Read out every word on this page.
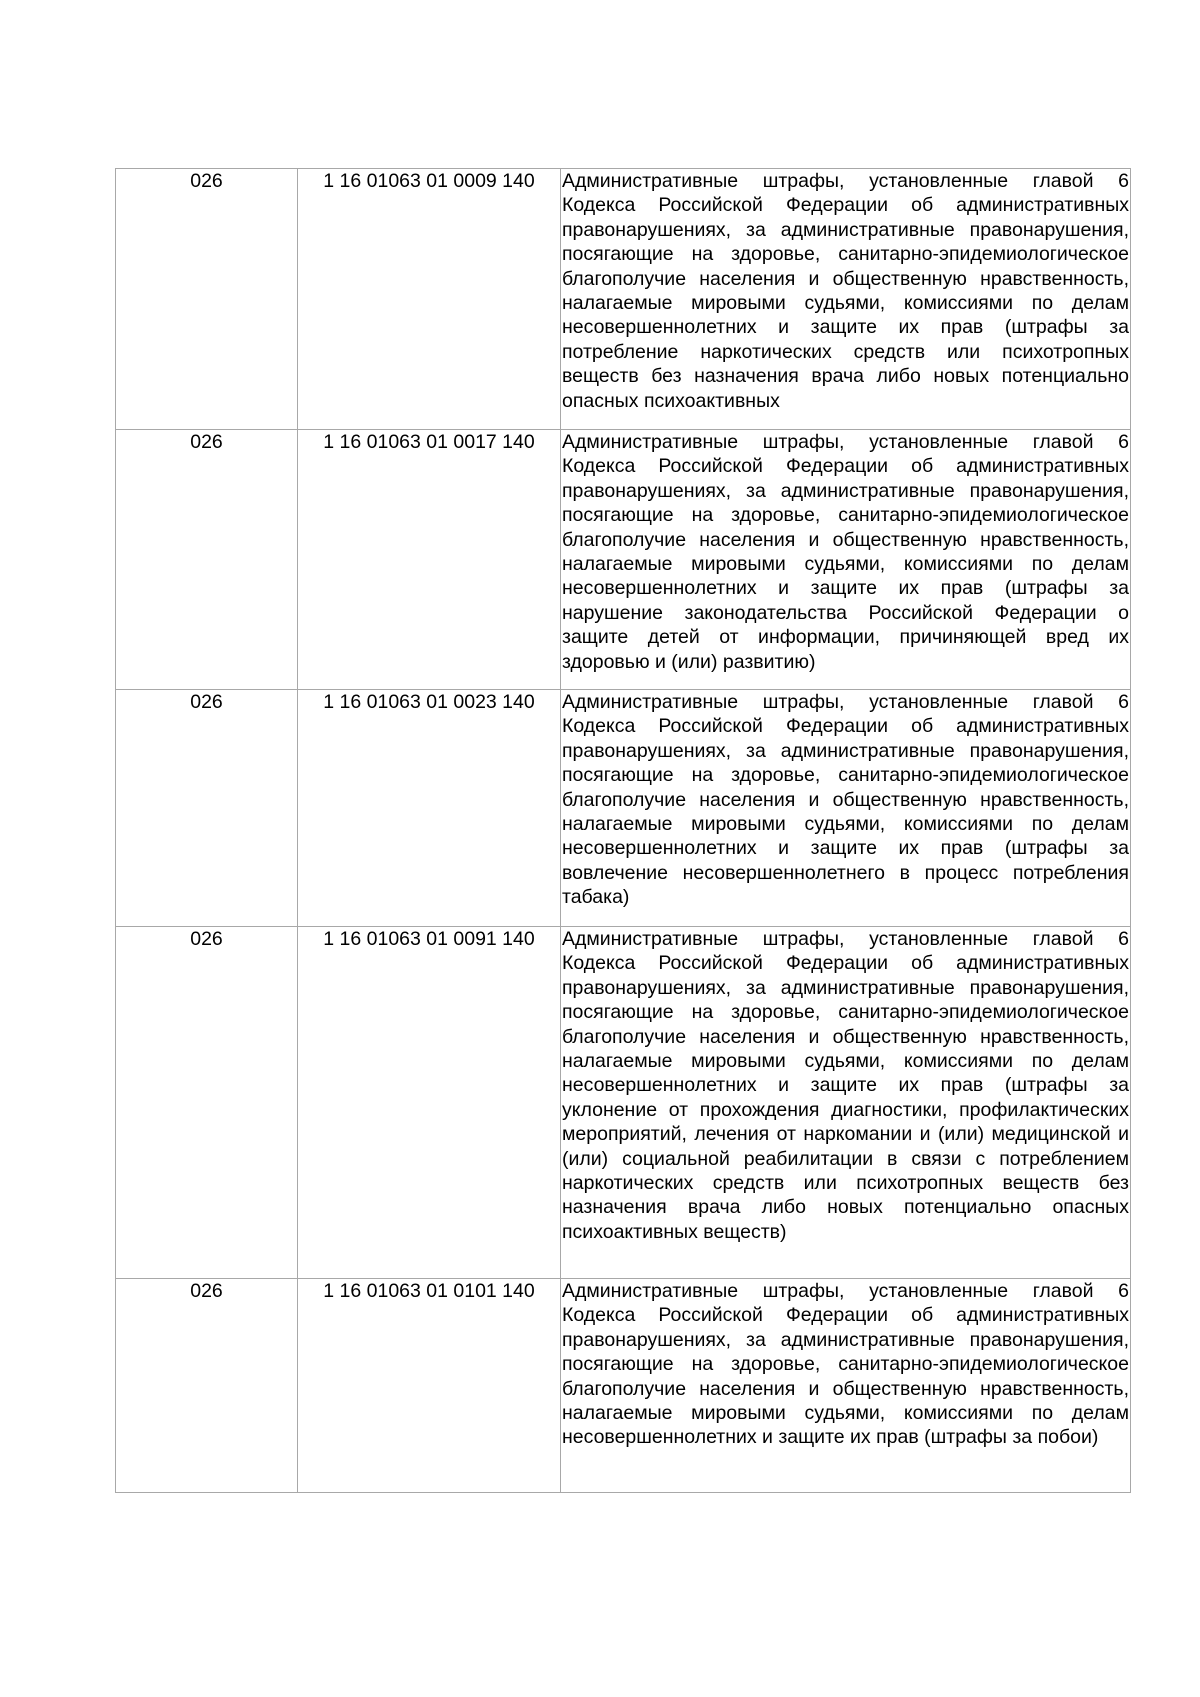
026	1 16 01063 01 0009 140	Административные штрафы, установленные главой 6 Кодекса Российской Федерации об административных правонарушениях, за административные правонарушения, посягающие на здоровье, санитарно-эпидемиологическое благополучие населения и общественную нравственность, налагаемые мировыми судьями, комиссиями по делам несовершеннолетних и защите их прав (штрафы за потребление наркотических средств или психотропных веществ без назначения врача либо новых потенциально опасных психоактивных
026	1 16 01063 01 0017 140	Административные штрафы, установленные главой 6 Кодекса Российской Федерации об административных правонарушениях, за административные правонарушения, посягающие на здоровье, санитарно-эпидемиологическое благополучие населения и общественную нравственность, налагаемые мировыми судьями, комиссиями по делам несовершеннолетних и защите их прав (штрафы за нарушение законодательства Российской Федерации о защите детей от информации, причиняющей вред их здоровью и (или) развитию)
026	1 16 01063 01 0023 140	Административные штрафы, установленные главой 6 Кодекса Российской Федерации об административных правонарушениях, за административные правонарушения, посягающие на здоровье, санитарно-эпидемиологическое благополучие населения и общественную нравственность, налагаемые мировыми судьями, комиссиями по делам несовершеннолетних и защите их прав (штрафы за вовлечение несовершеннолетнего в процесс потребления табака)
026	1 16 01063 01 0091 140	Административные штрафы, установленные главой 6 Кодекса Российской Федерации об административных правонарушениях, за административные правонарушения, посягающие на здоровье, санитарно-эпидемиологическое благополучие населения и общественную нравственность, налагаемые мировыми судьями, комиссиями по делам несовершеннолетних и защите их прав (штрафы за уклонение от прохождения диагностики, профилактических мероприятий, лечения от наркомании и (или) медицинской и (или) социальной реабилитации в связи с потреблением наркотических средств или психотропных веществ без назначения врача либо новых потенциально опасных психоактивных веществ)
026	1 16 01063 01 0101 140	Административные штрафы, установленные главой 6 Кодекса Российской Федерации об административных правонарушениях, за административные правонарушения, посягающие на здоровье, санитарно-эпидемиологическое благополучие населения и общественную нравственность, налагаемые мировыми судьями, комиссиями по делам несовершеннолетних и защите их прав (штрафы за побои)
